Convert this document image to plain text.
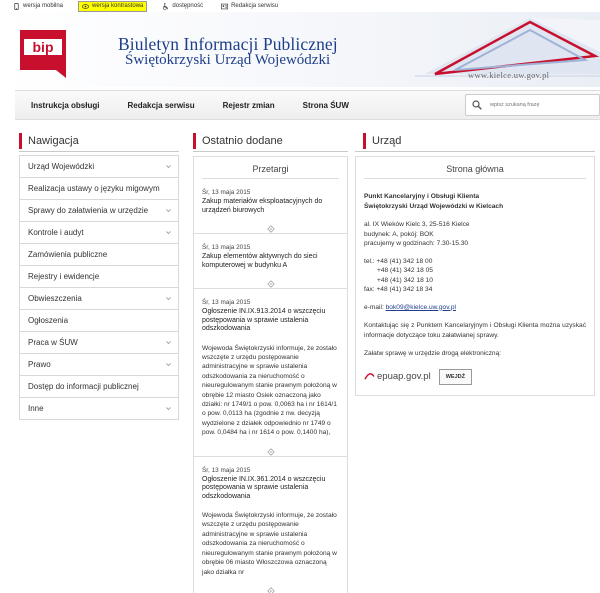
wersja mobilna	wersja kontrastowa	dostępność	Redakcja serwisu
bip	Biuletyn Informacji Publicznej
Świętokrzyski Urząd Wojewódzki
www.kielce.uw.gov.pl
Instrukcja obsługi	Redakcja serwisu	Rejestr zmian	Strona ŚUW
wpisz szukaną frazę
Nawigacja	Ostatnio dodane	Urząd
Urząd Wojewódzki
Realizacja ustawy o języku migowym
Sprawy do załatwienia w urzędzie
Kontrole i audyt
Zamówienia publiczne
Rejestry i ewidencje
Obwieszczenia
Ogłoszenia
Praca w ŚUW
Prawo
Dostęp do informacji publicznej
Inne
Przetargi
Śr, 13 maja 2015
Zakup materiałów eksploatacyjnych do urządzeń biurowych
Śr, 13 maja 2015
Zakup elementów aktywnych do sieci komputerowej w budynku A
Śr, 13 maja 2015
Ogłoszenie IN.IX.913.2014 o wszczęciu postępowania w sprawie ustalenia odszkodowania
Wojewoda Świętokrzyski informuje, że zostało wszczęte z urzędu postępowanie administracyjne w sprawie ustalenia odszkodowania za nieruchomość o nieuregulowanym stanie prawnym położoną w obrębie 12 miasto Osiek oznaczoną jako działki: nr 1749/1 o pow. 0,0063 ha i nr 1614/1 o pow. 0,0113 ha (zgodnie z nw. decyzją wydzielone z działek odpowiednio nr 1749 o pow. 0,0484 ha i nr 1614 o pow. 0,1400 ha),
Śr, 13 maja 2015
Ogłoszenie IN.IX.361.2014 o wszczęciu postępowania w sprawie ustalenia odszkodowania
Wojewoda Świętokrzyski informuje, że zostało wszczęte z urzędu postępowanie administracyjne w sprawie ustalenia odszkodowania za nieruchomość o nieuregulowanym stanie prawnym położoną w obrębie 06 miasto Włoszczowa oznaczoną jako działka nr
Strona główna
Punkt Kancelaryjny i Obsługi Klienta
Świętokrzyski Urząd Wojewódzki w Kielcach

al. IX Wieków Kielc 3, 25-516 Kielce
budynek: A, pokój: BOK
pracujemy w godzinach: 7.30-15.30

tel.: +48 (41) 342 18 00
+48 (41) 342 18 05
+48 (41) 342 18 10
fax: +48 (41) 342 18 34

e-mail: bok09@kielce.uw.gov.pl

Kontaktując się z Punktem Kancelaryjnym i Obsługi Klienta można uzyskać informacje dotyczące toku załatwianej sprawy.

Załatw sprawę w urzędzie drogą elektroniczną:

epuap.gov.pl	WEJDŹ
